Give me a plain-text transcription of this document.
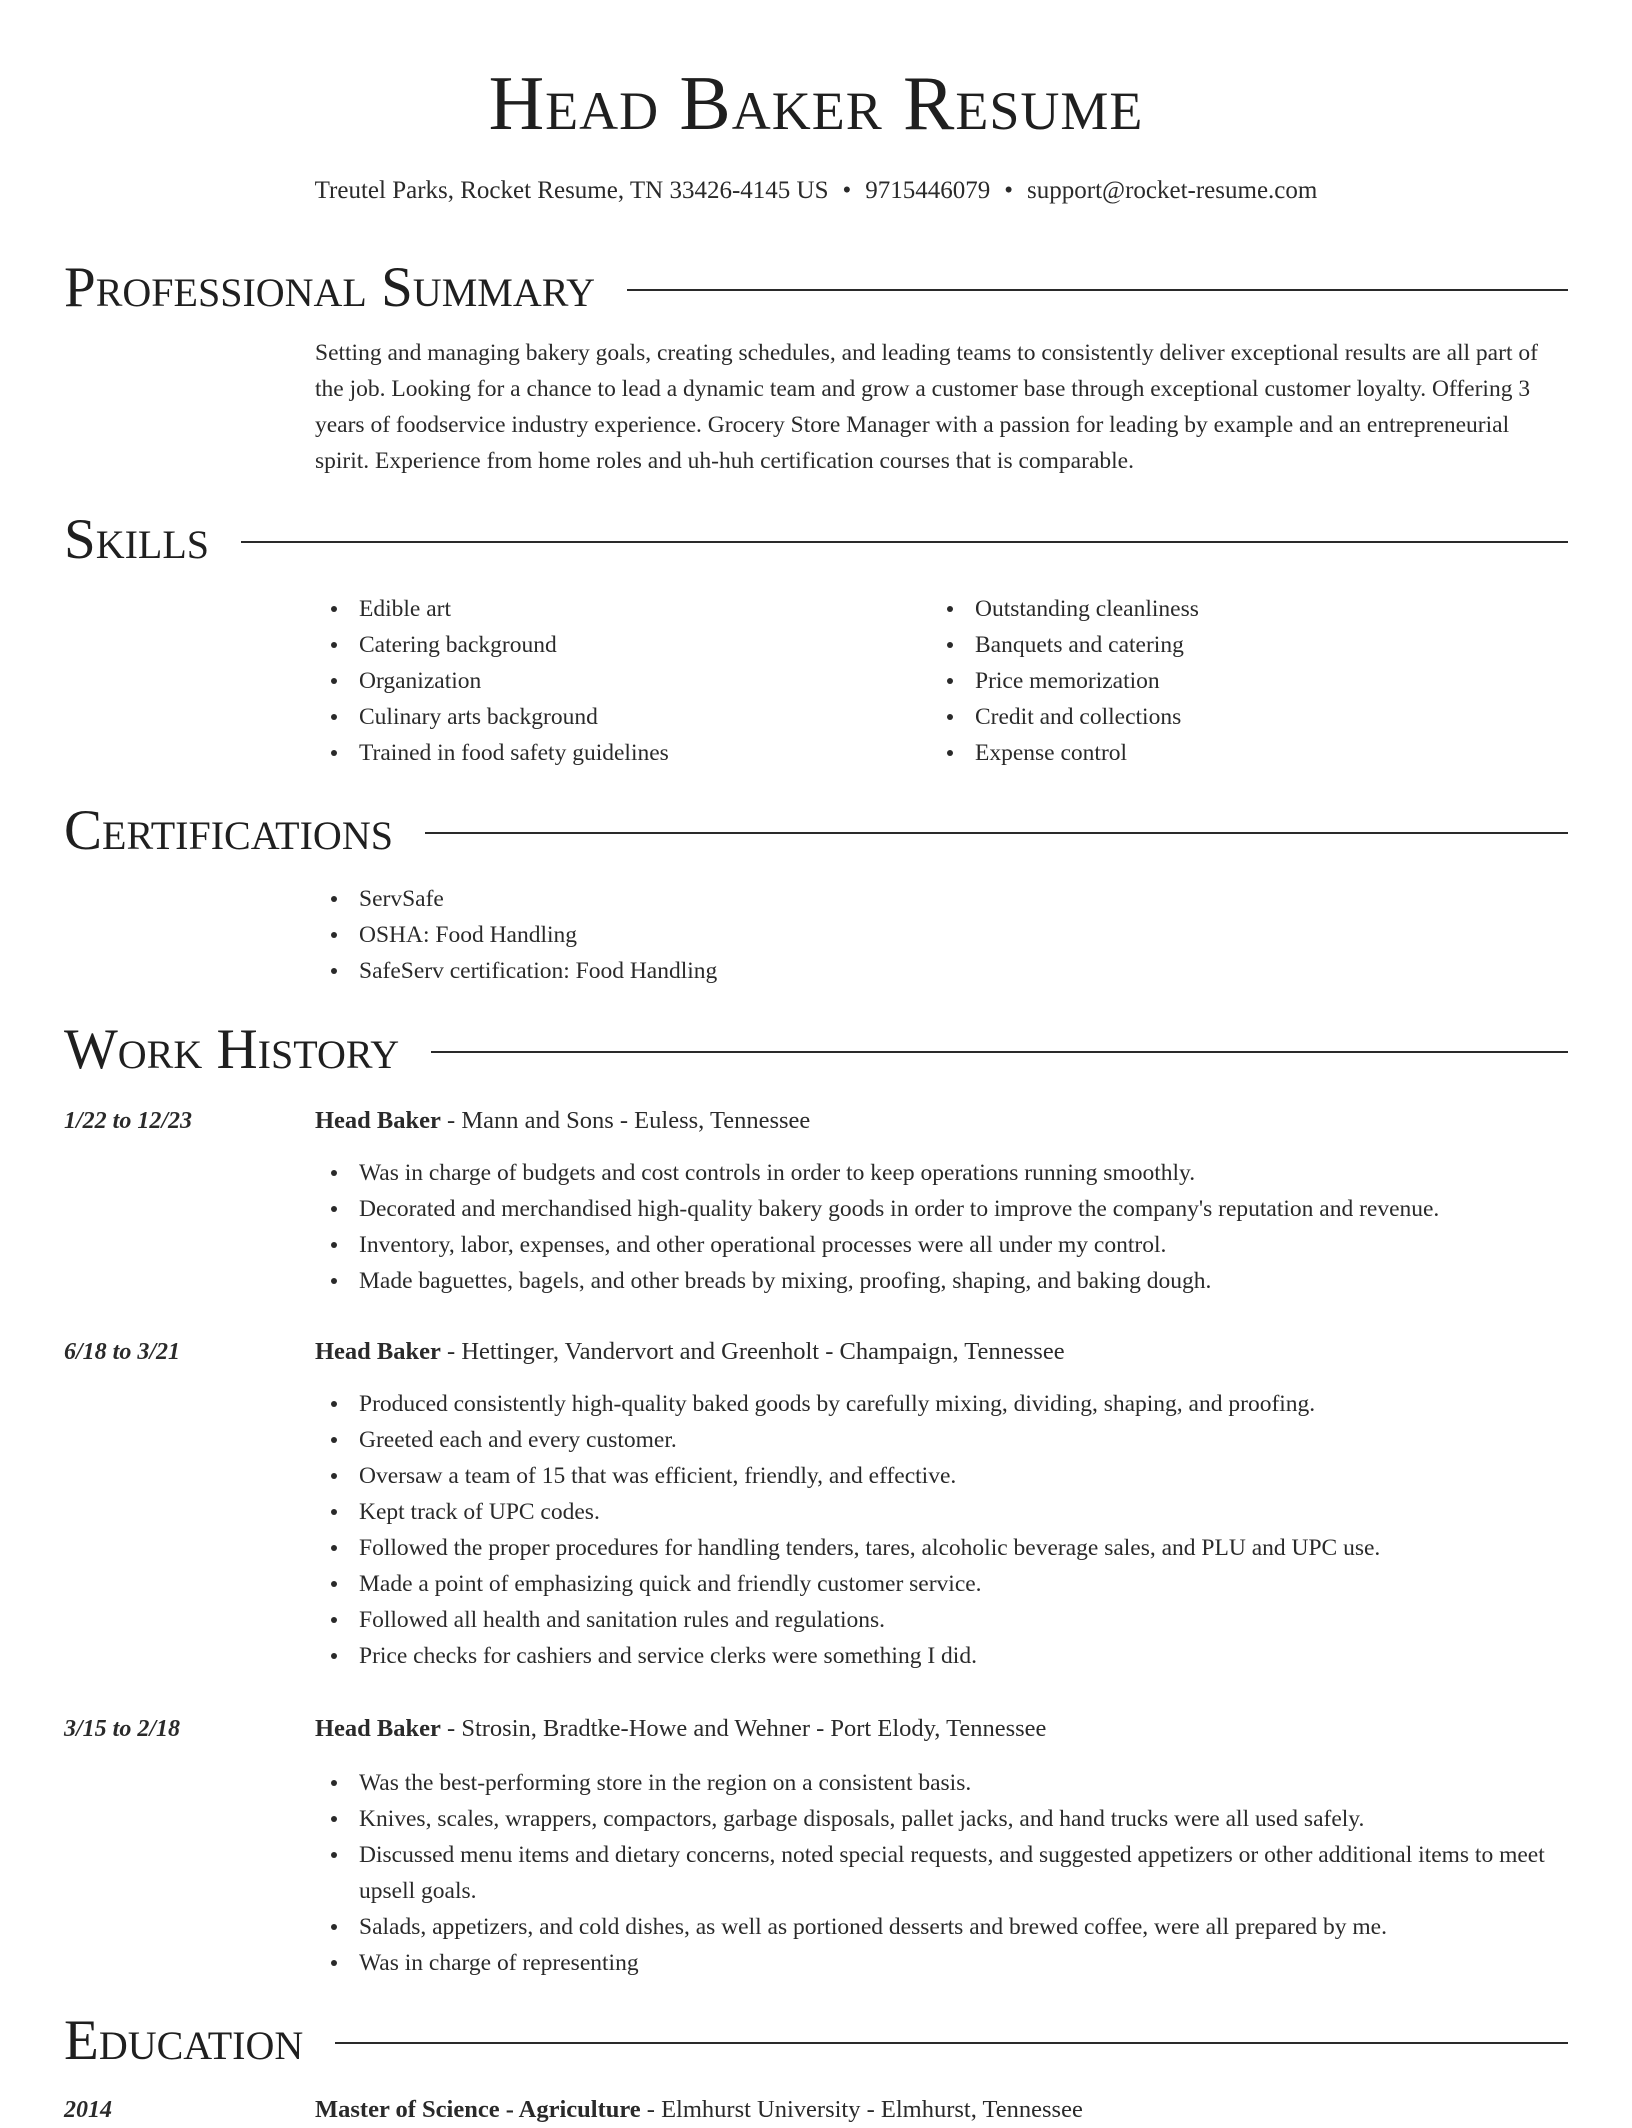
Head Baker Resume
Treutel Parks, Rocket Resume, TN 33426-4145 US • 9715446079 • support@rocket-resume.com
Professional Summary
Setting and managing bakery goals, creating schedules, and leading teams to consistently deliver exceptional results are all part of the job. Looking for a chance to lead a dynamic team and grow a customer base through exceptional customer loyalty. Offering 3 years of foodservice industry experience. Grocery Store Manager with a passion for leading by example and an entrepreneurial spirit. Experience from home roles and uh-huh certification courses that is comparable.
Skills
Edible art
Catering background
Organization
Culinary arts background
Trained in food safety guidelines
Outstanding cleanliness
Banquets and catering
Price memorization
Credit and collections
Expense control
Certifications
ServSafe
OSHA: Food Handling
SafeServ certification: Food Handling
Work History
1/22 to 12/23	Head Baker - Mann and Sons - Euless, Tennessee
Was in charge of budgets and cost controls in order to keep operations running smoothly.
Decorated and merchandised high-quality bakery goods in order to improve the company's reputation and revenue.
Inventory, labor, expenses, and other operational processes were all under my control.
Made baguettes, bagels, and other breads by mixing, proofing, shaping, and baking dough.
6/18 to 3/21	Head Baker - Hettinger, Vandervort and Greenholt - Champaign, Tennessee
Produced consistently high-quality baked goods by carefully mixing, dividing, shaping, and proofing.
Greeted each and every customer.
Oversaw a team of 15 that was efficient, friendly, and effective.
Kept track of UPC codes.
Followed the proper procedures for handling tenders, tares, alcoholic beverage sales, and PLU and UPC use.
Made a point of emphasizing quick and friendly customer service.
Followed all health and sanitation rules and regulations.
Price checks for cashiers and service clerks were something I did.
3/15 to 2/18	Head Baker - Strosin, Bradtke-Howe and Wehner - Port Elody, Tennessee
Was the best-performing store in the region on a consistent basis.
Knives, scales, wrappers, compactors, garbage disposals, pallet jacks, and hand trucks were all used safely.
Discussed menu items and dietary concerns, noted special requests, and suggested appetizers or other additional items to meet upsell goals.
Salads, appetizers, and cold dishes, as well as portioned desserts and brewed coffee, were all prepared by me.
Was in charge of representing
Education
2014	Master of Science - Agriculture - Elmhurst University - Elmhurst, Tennessee
